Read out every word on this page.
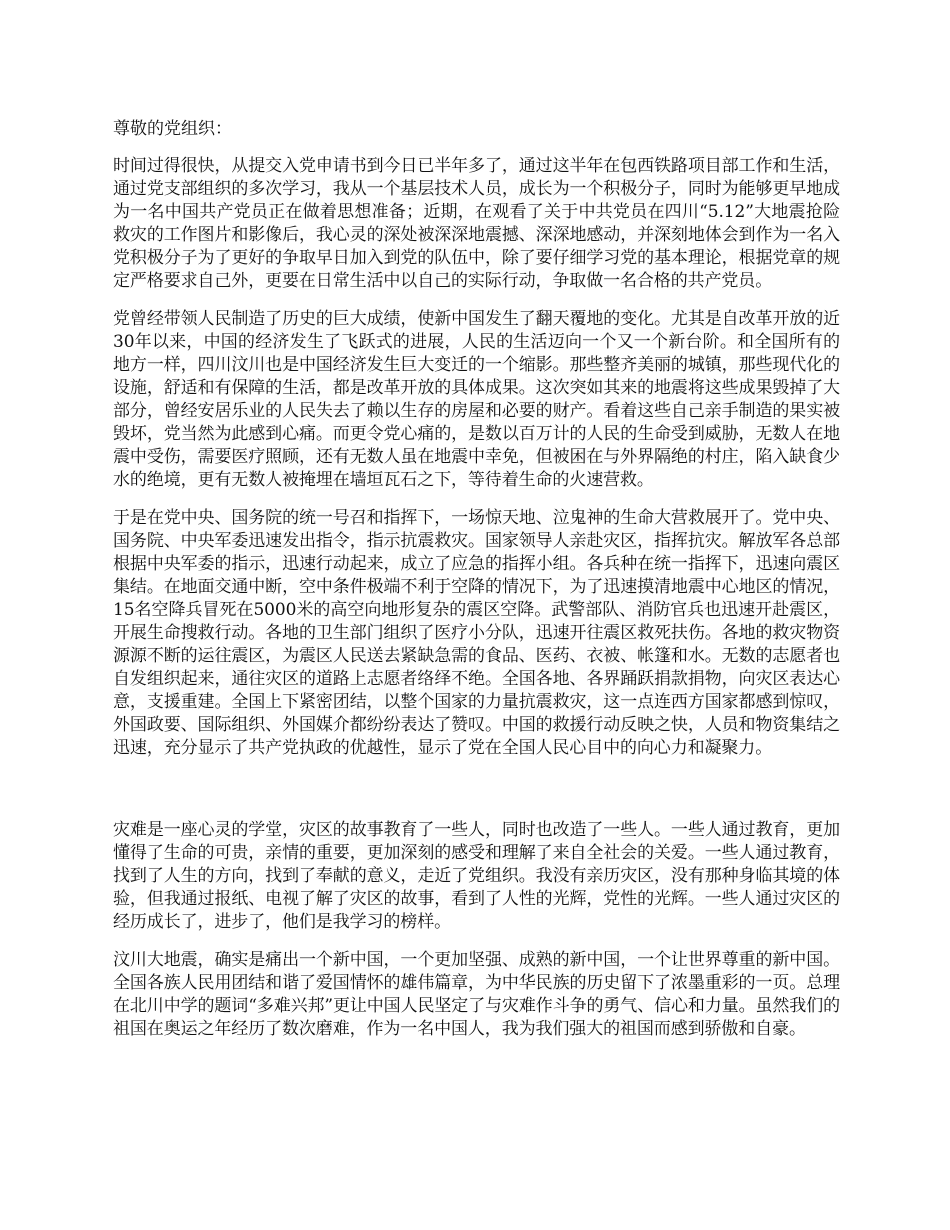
尊敬的党组织：

时间过得很快，从提交入党申请书到今日已半年多了，通过这半年在包西铁路项目部工作和生活，通过党支部组织的多次学习，我从一个基层技术人员，成长为一个积极分子，同时为能够更早地成为一名中国共产党员正在做着思想准备；近期，在观看了关于中共党员在四川“5.12”大地震抢险救灾的工作图片和影像后，我心灵的深处被深深地震撼、深深地感动，并深刻地体会到作为一名入党积极分子为了更好的争取早日加入到党的队伍中，除了要仔细学习党的基本理论，根据党章的规定严格要求自己外，更要在日常生活中以自己的实际行动，争取做一名合格的共产党员。

党曾经带领人民制造了历史的巨大成绩，使新中国发生了翻天覆地的变化。尤其是自改革开放的近30年以来，中国的经济发生了飞跃式的进展，人民的生活迈向一个又一个新台阶。和全国所有的地方一样，四川汶川也是中国经济发生巨大变迁的一个缩影。那些整齐美丽的城镇，那些现代化的设施，舒适和有保障的生活，都是改革开放的具体成果。这次突如其来的地震将这些成果毁掉了大部分，曾经安居乐业的人民失去了赖以生存的房屋和必要的财产。看着这些自己亲手制造的果实被毁坏，党当然为此感到心痛。而更令党心痛的，是数以百万计的人民的生命受到威胁，无数人在地震中受伤，需要医疗照顾，还有无数人虽在地震中幸免，但被困在与外界隔绝的村庄，陷入缺食少水的绝境，更有无数人被掩埋在墙垣瓦石之下，等待着生命的火速营救。

于是在党中央、国务院的统一号召和指挥下，一场惊天地、泣鬼神的生命大营救展开了。党中央、国务院、中央军委迅速发出指令，指示抗震救灾。国家领导人亲赴灾区，指挥抗灾。解放军各总部根据中央军委的指示，迅速行动起来，成立了应急的指挥小组。各兵种在统一指挥下，迅速向震区集结。在地面交通中断，空中条件极端不利于空降的情况下，为了迅速摸清地震中心地区的情况，15名空降兵冒死在5000米的高空向地形复杂的震区空降。武警部队、消防官兵也迅速开赴震区，开展生命搜救行动。各地的卫生部门组织了医疗小分队，迅速开往震区救死扶伤。各地的救灾物资源源不断的运往震区，为震区人民送去紧缺急需的食品、医药、衣被、帐篷和水。无数的志愿者也自发组织起来，通往灾区的道路上志愿者络绎不绝。全国各地、各界踊跃捐款捐物，向灾区表达心意，支援重建。全国上下紧密团结，以整个国家的力量抗震救灾，这一点连西方国家都感到惊叹，外国政要、国际组织、外国媒介都纷纷表达了赞叹。中国的救援行动反映之快，人员和物资集结之迅速，充分显示了共产党执政的优越性，显示了党在全国人民心目中的向心力和凝聚力。

灾难是一座心灵的学堂，灾区的故事教育了一些人，同时也改造了一些人。一些人通过教育，更加懂得了生命的可贵，亲情的重要，更加深刻的感受和理解了来自全社会的关爱。一些人通过教育，找到了人生的方向，找到了奉献的意义，走近了党组织。我没有亲历灾区，没有那种身临其境的体验，但我通过报纸、电视了解了灾区的故事，看到了人性的光辉，党性的光辉。一些人通过灾区的经历成长了，进步了，他们是我学习的榜样。

汶川大地震，确实是痛出一个新中国，一个更加坚强、成熟的新中国，一个让世界尊重的新中国。全国各族人民用团结和谐了爱国情怀的雄伟篇章，为中华民族的历史留下了浓墨重彩的一页。总理在北川中学的题词“多难兴邦”更让中国人民坚定了与灾难作斗争的勇气、信心和力量。虽然我们的祖国在奥运之年经历了数次磨难，作为一名中国人，我为我们强大的祖国而感到骄傲和自豪。
